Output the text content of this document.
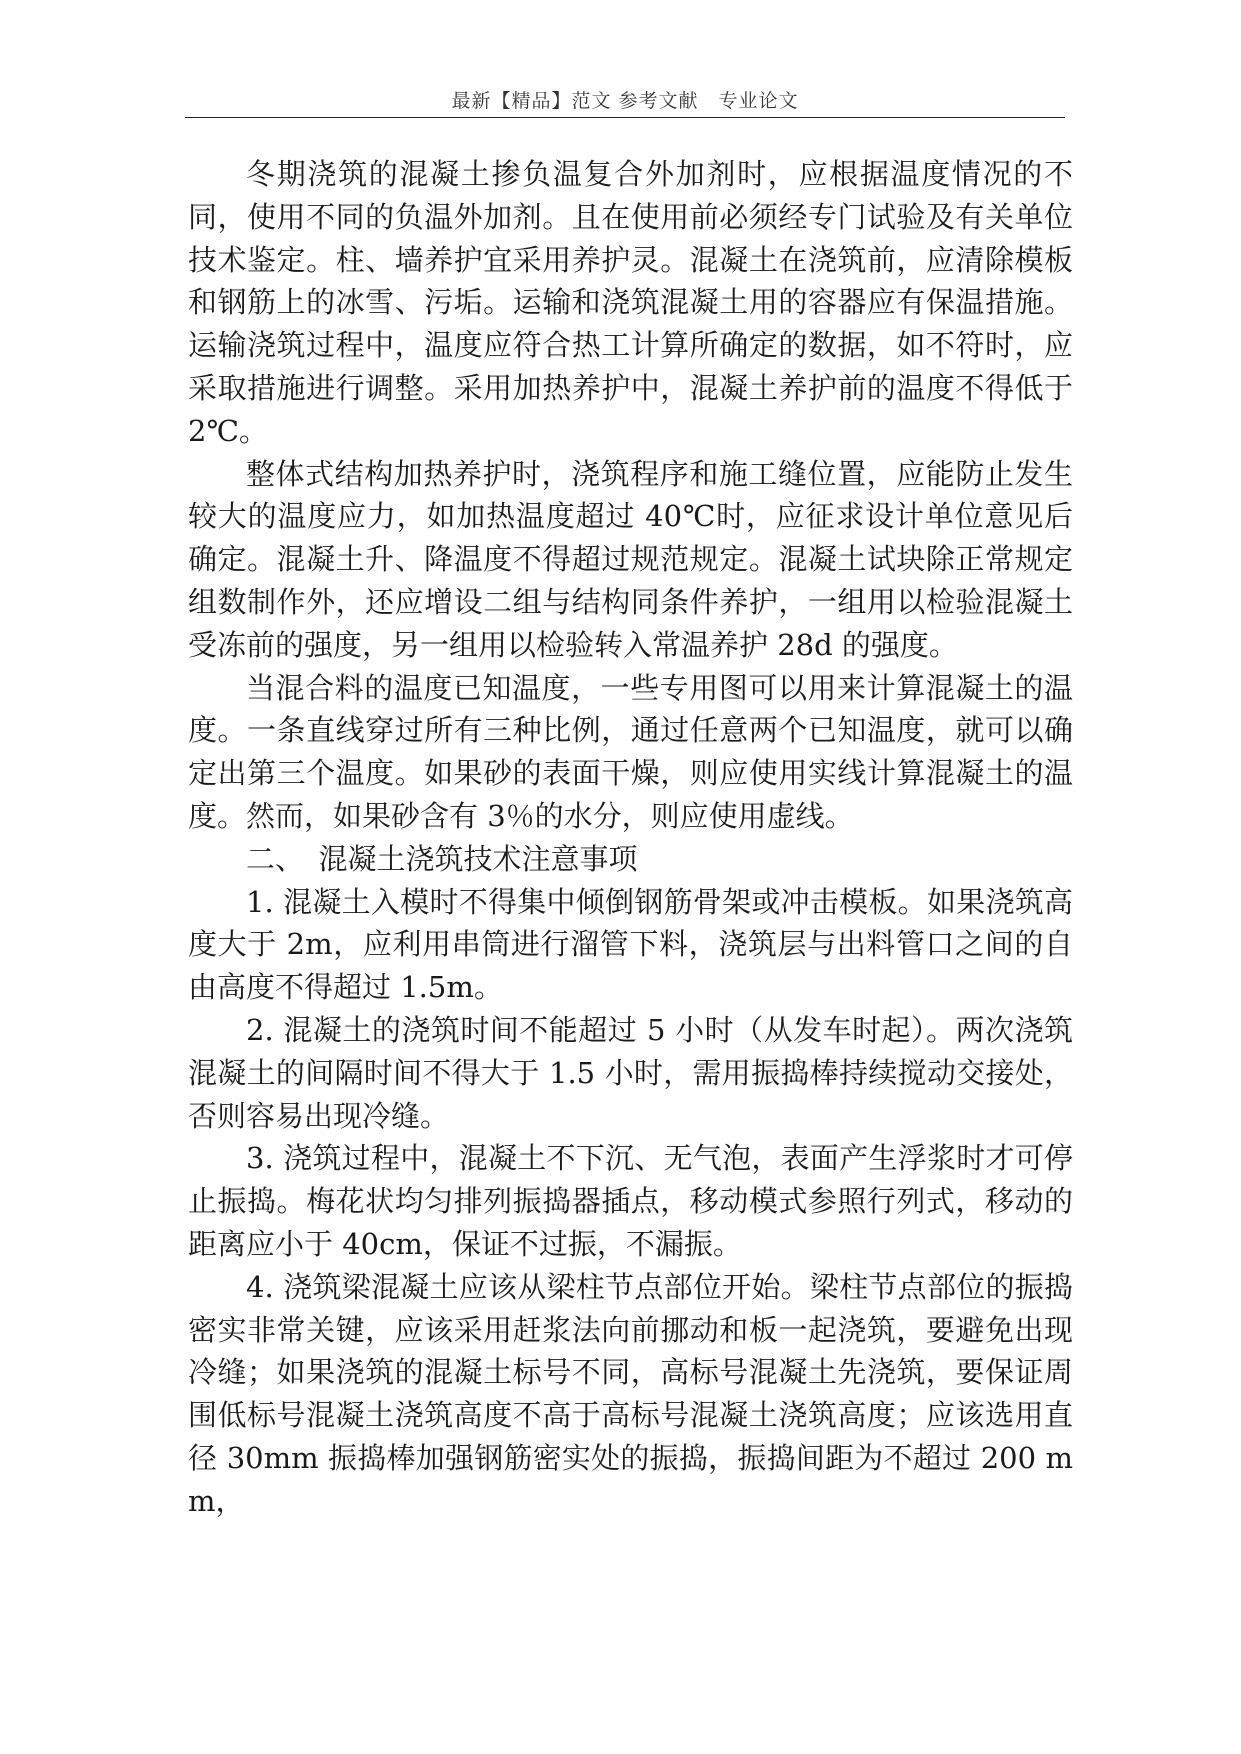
最新【精品】范文 参考文献　专业论文

冬期浇筑的混凝土掺负温复合外加剂时，应根据温度情况的不同，使用不同的负温外加剂。且在使用前必须经专门试验及有关单位技术鉴定。柱、墙养护宜采用养护灵。混凝土在浇筑前，应清除模板和钢筋上的冰雪、污垢。运输和浇筑混凝土用的容器应有保温措施。运输浇筑过程中，温度应符合热工计算所确定的数据，如不符时，应采取措施进行调整。采用加热养护中，混凝土养护前的温度不得低于2℃。

整体式结构加热养护时，浇筑程序和施工缝位置，应能防止发生较大的温度应力，如加热温度超过 40℃时，应征求设计单位意见后确定。混凝土升、降温度不得超过规范规定。混凝土试块除正常规定组数制作外，还应增设二组与结构同条件养护，一组用以检验混凝土受冻前的强度，另一组用以检验转入常温养护 28d 的强度。

当混合料的温度已知温度，一些专用图可以用来计算混凝土的温度。一条直线穿过所有三种比例，通过任意两个已知温度，就可以确定出第三个温度。如果砂的表面干燥，则应使用实线计算混凝土的温度。然而，如果砂含有 3％的水分，则应使用虚线。

二、　混凝土浇筑技术注意事项

1. 混凝土入模时不得集中倾倒钢筋骨架或冲击模板。如果浇筑高度大于 2m，应利用串筒进行溜管下料，浇筑层与出料管口之间的自由高度不得超过 1.5m。

2. 混凝土的浇筑时间不能超过 5 小时（从发车时起）。两次浇筑混凝土的间隔时间不得大于 1.5 小时，需用振捣棒持续搅动交接处，否则容易出现冷缝。

3. 浇筑过程中，混凝土不下沉、无气泡，表面产生浮浆时才可停止振捣。梅花状均匀排列振捣器插点，移动模式参照行列式，移动的距离应小于 40cm，保证不过振，不漏振。

4. 浇筑梁混凝土应该从梁柱节点部位开始。梁柱节点部位的振捣密实非常关键，应该采用赶浆法向前挪动和板一起浇筑，要避免出现冷缝；如果浇筑的混凝土标号不同，高标号混凝土先浇筑，要保证周围低标号混凝土浇筑高度不高于高标号混凝土浇筑高度；应该选用直径 30mm 振捣棒加强钢筋密实处的振捣，振捣间距为不超过 200 mm，
